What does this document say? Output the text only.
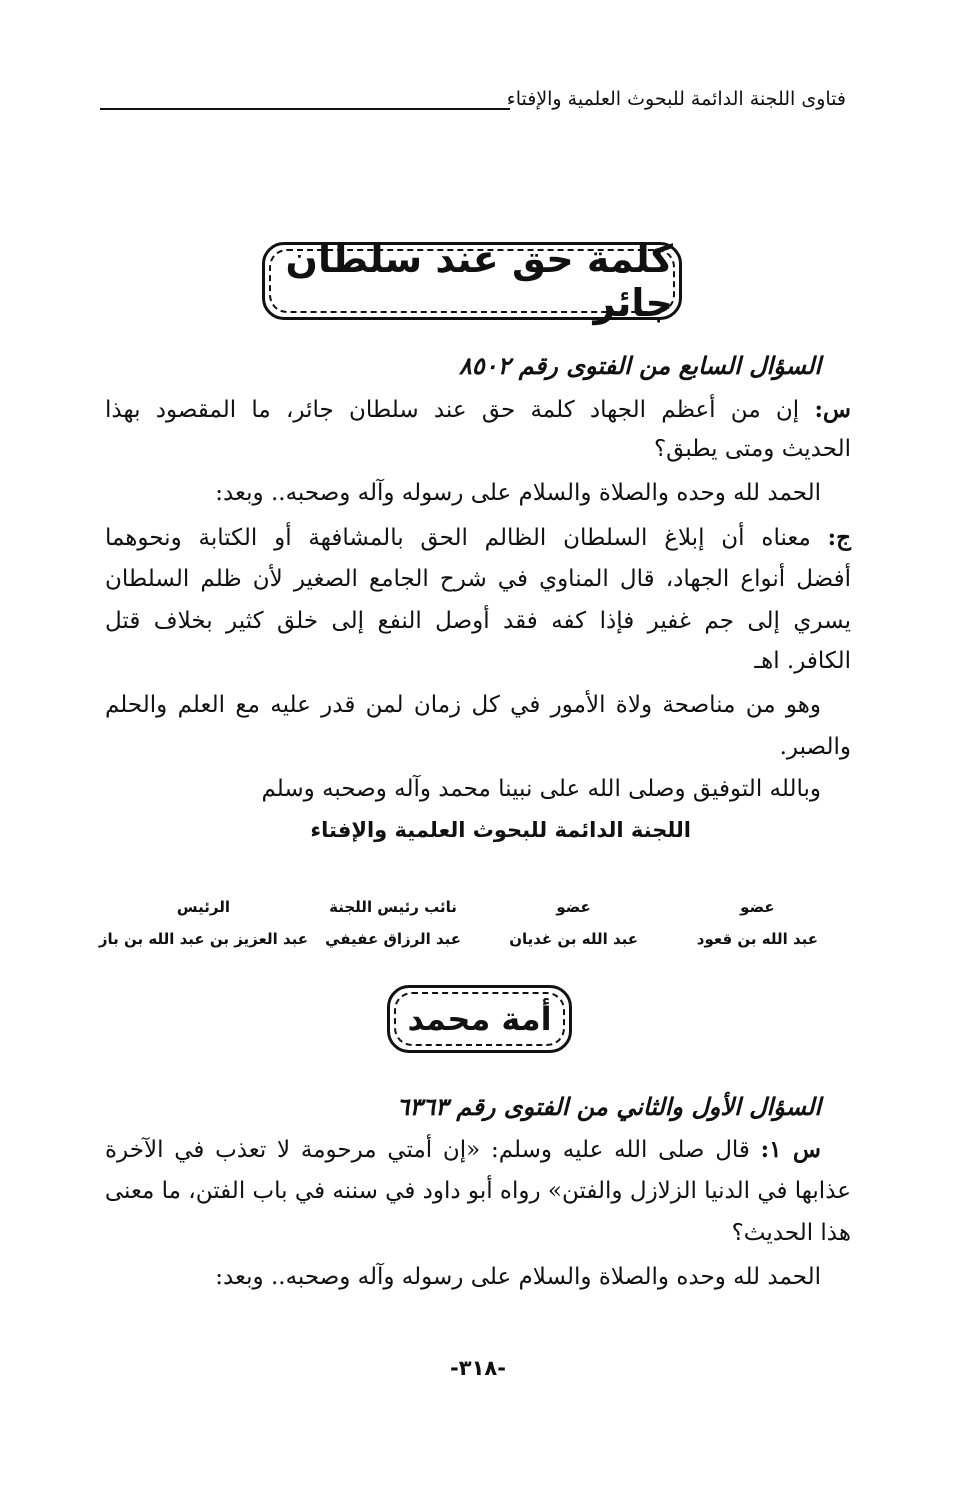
فتاوى اللجنة الدائمة للبحوث العلمية والإفتاء
كلمة حق عند سلطان جائر
السؤال السابع من الفتوى رقم ٨٥٠٢
س: إن من أعظم الجهاد كلمة حق عند سلطان جائر، ما المقصود بهذا
الحديث ومتى يطبق؟
الحمد لله وحده والصلاة والسلام على رسوله وآله وصحبه.. وبعد:
ج: معناه أن إبلاغ السلطان الظالم الحق بالمشافهة أو الكتابة ونحوهما
أفضل أنواع الجهاد، قال المناوي في شرح الجامع الصغير لأن ظلم السلطان
يسري إلى جم غفير فإذا كفه فقد أوصل النفع إلى خلق كثير بخلاف قتل
الكافر. اهـ
وهو من مناصحة ولاة الأمور في كل زمان لمن قدر عليه مع العلم والحلم
والصبر.
وبالله التوفيق وصلى الله على نبينا محمد وآله وصحبه وسلم
اللجنة الدائمة للبحوث العلمية والإفتاء
عضو
عبد الله بن قعود
عضو
عبد الله بن غديان
نائب رئيس اللجنة
عبد الرزاق عفيفي
الرئيس
عبد العزيز بن عبد الله بن باز
أمة محمد
السؤال الأول والثاني من الفتوى رقم ٦٣٦٣
س ١: قال صلى الله عليه وسلم: «إن أمتي مرحومة لا تعذب في الآخرة
عذابها في الدنيا الزلازل والفتن» رواه أبو داود في سننه في باب الفتن، ما معنى
هذا الحديث؟
الحمد لله وحده والصلاة والسلام على رسوله وآله وصحبه.. وبعد:
-٣١٨-
